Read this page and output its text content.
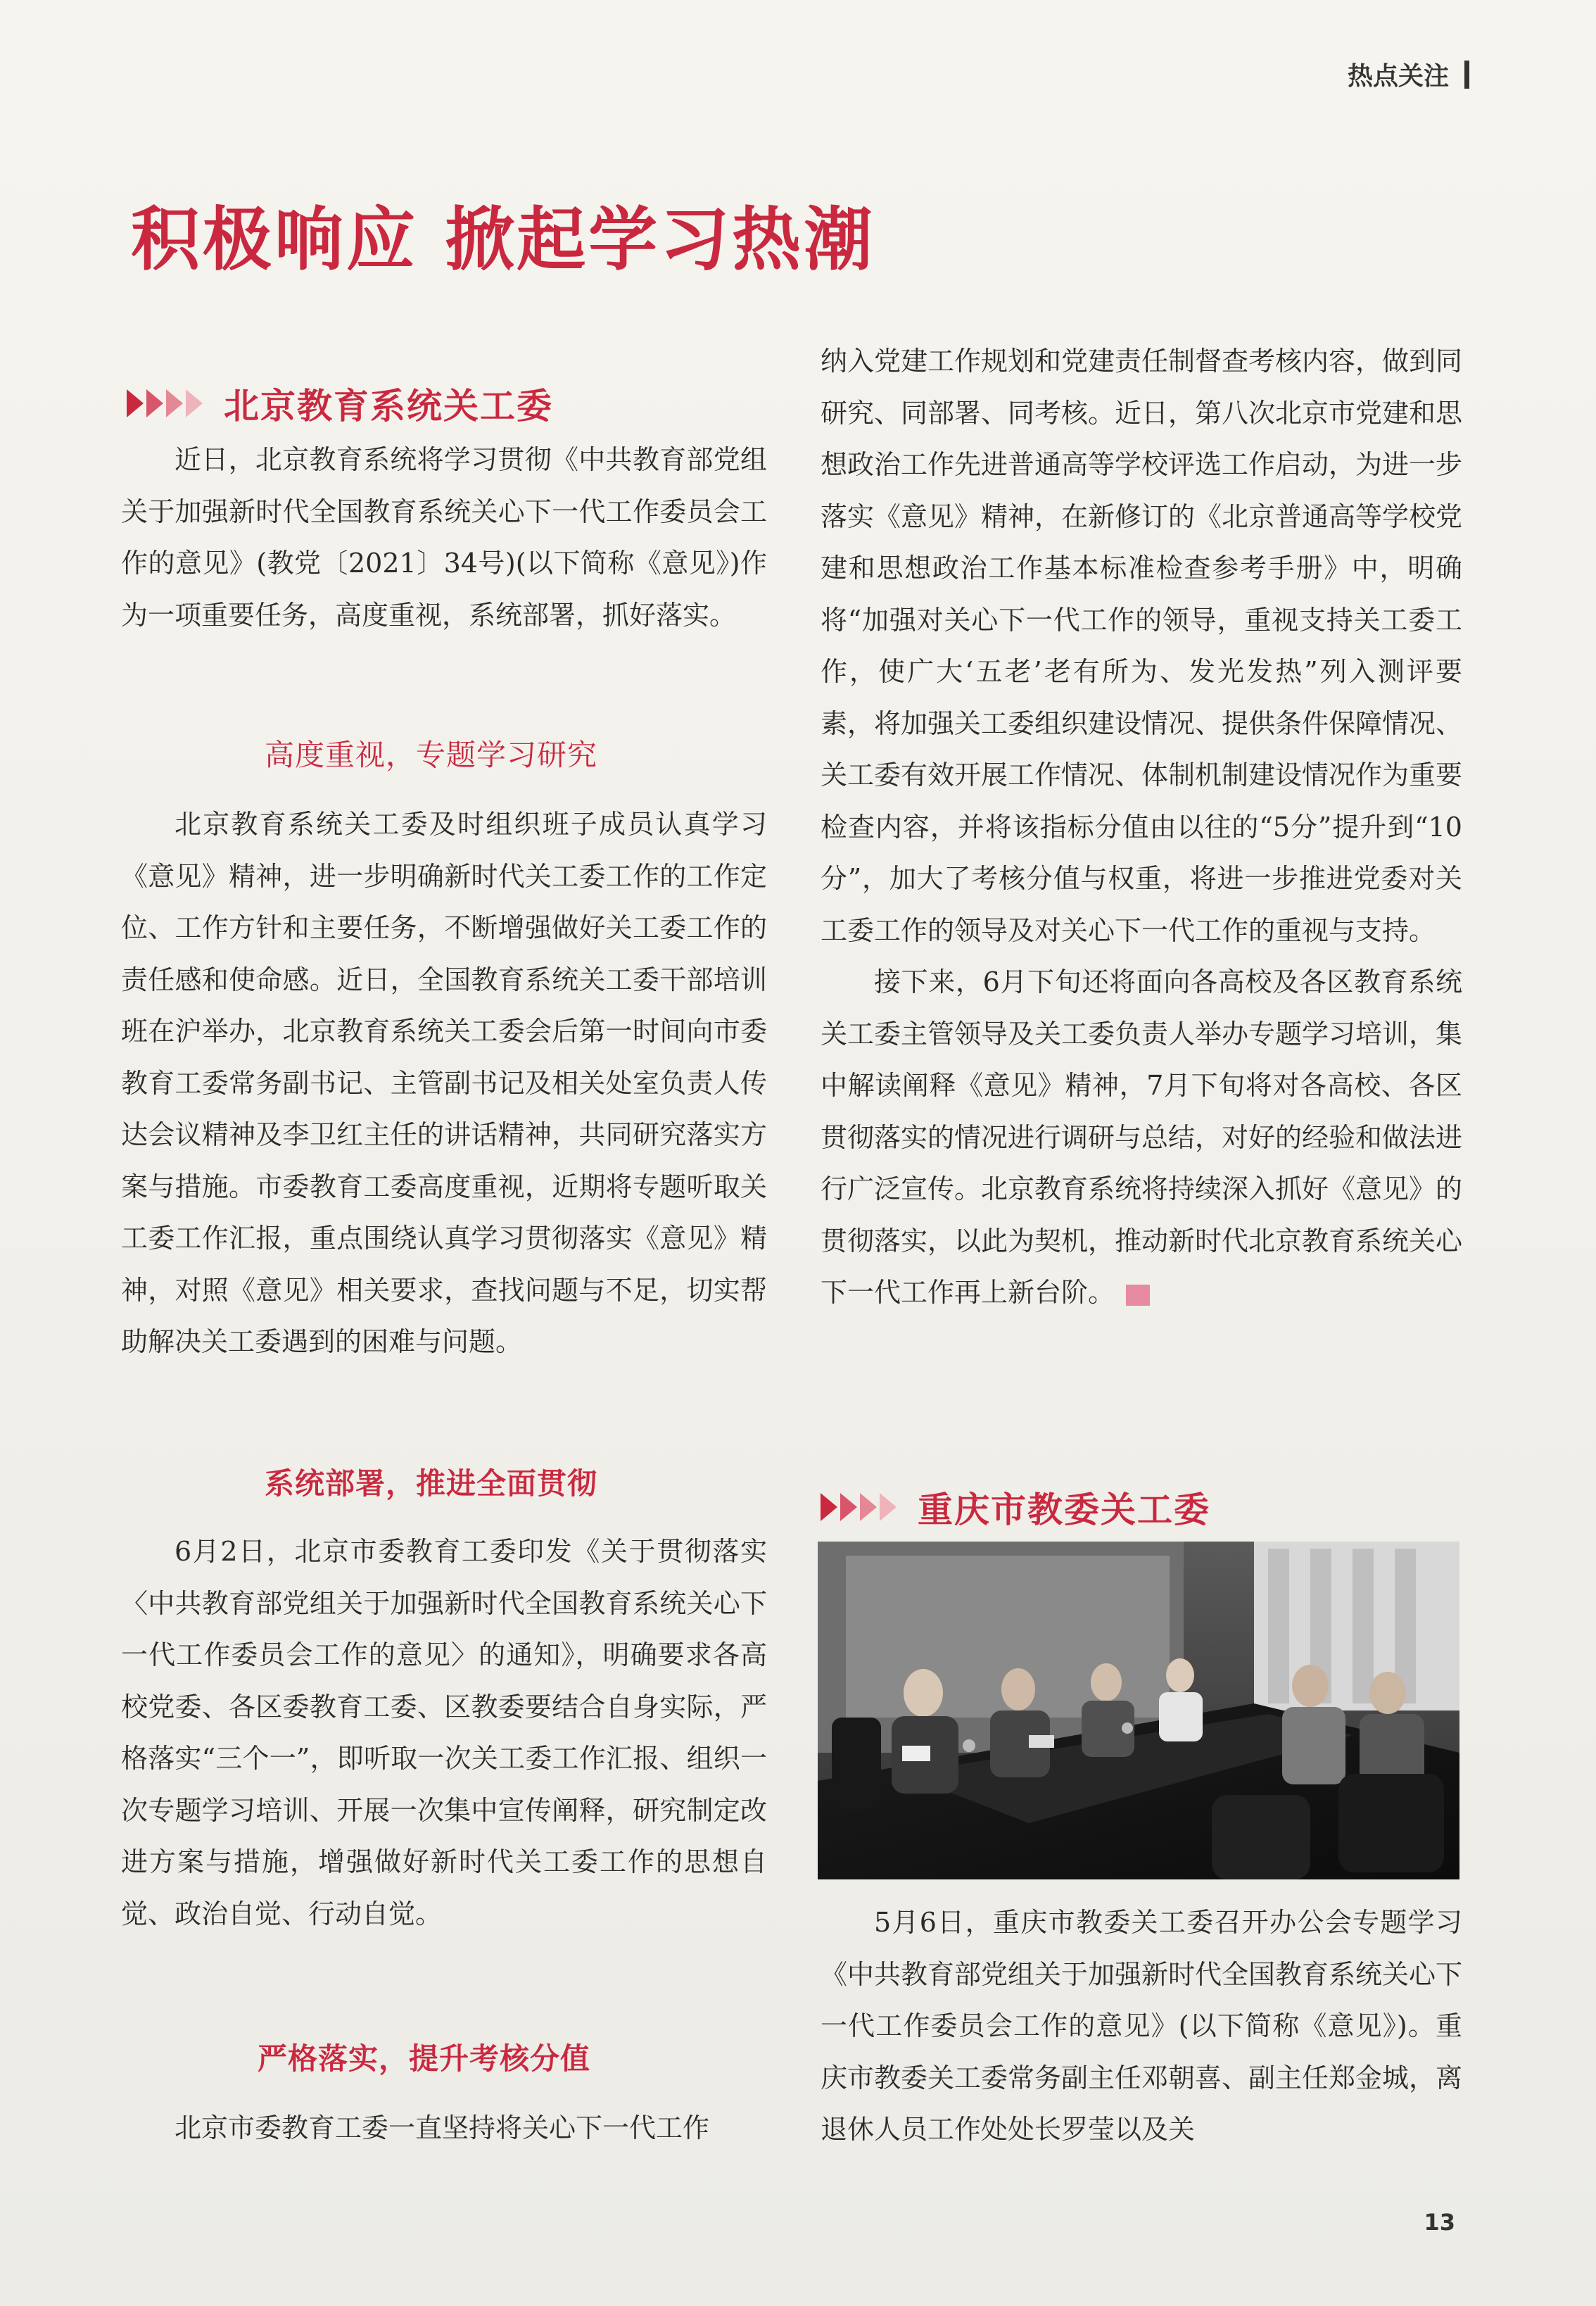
热点关注
积极响应 掀起学习热潮
北京教育系统关工委

近日，北京教育系统将学习贯彻《中共教育部党组关于加强新时代全国教育系统关心下一代工作委员会工作的意见》(教党〔2021〕34号)(以下简称《意见》)作为一项重要任务，高度重视，系统部署，抓好落实。

高度重视，专题学习研究

北京教育系统关工委及时组织班子成员认真学习《意见》精神，进一步明确新时代关工委工作的工作定位、工作方针和主要任务，不断增强做好关工委工作的责任感和使命感。近日，全国教育系统关工委干部培训班在沪举办，北京教育系统关工委会后第一时间向市委教育工委常务副书记、主管副书记及相关处室负责人传达会议精神及李卫红主任的讲话精神，共同研究落实方案与措施。市委教育工委高度重视，近期将专题听取关工委工作汇报，重点围绕认真学习贯彻落实《意见》精神，对照《意见》相关要求，查找问题与不足，切实帮助解决关工委遇到的困难与问题。

系统部署，推进全面贯彻

6月2日，北京市委教育工委印发《关于贯彻落实〈中共教育部党组关于加强新时代全国教育系统关心下一代工作委员会工作的意见〉的通知》，明确要求各高校党委、各区委教育工委、区教委要结合自身实际，严格落实“三个一”，即听取一次关工委工作汇报、组织一次专题学习培训、开展一次集中宣传阐释，研究制定改进方案与措施，增强做好新时代关工委工作的思想自觉、政治自觉、行动自觉。

严格落实，提升考核分值

北京市委教育工委一直坚持将关心下一代工作

纳入党建工作规划和党建责任制督查考核内容，做到同研究、同部署、同考核。近日，第八次北京市党建和思想政治工作先进普通高等学校评选工作启动，为进一步落实《意见》精神，在新修订的《北京普通高等学校党建和思想政治工作基本标准检查参考手册》中，明确将“加强对关心下一代工作的领导，重视支持关工委工作，使广大‘五老’老有所为、发光发热”列入测评要素，将加强关工委组织建设情况、提供条件保障情况、关工委有效开展工作情况、体制机制建设情况作为重要检查内容，并将该指标分值由以往的“5分”提升到“10分”，加大了考核分值与权重，将进一步推进党委对关工委工作的领导及对关心下一代工作的重视与支持。

接下来，6月下旬还将面向各高校及各区教育系统关工委主管领导及关工委负责人举办专题学习培训，集中解读阐释《意见》精神，7月下旬将对各高校、各区贯彻落实的情况进行调研与总结，对好的经验和做法进行广泛宣传。北京教育系统将持续深入抓好《意见》的贯彻落实，以此为契机，推动新时代北京教育系统关心下一代工作再上新台阶。

重庆市教委关工委

5月6日，重庆市教委关工委召开办公会专题学习《中共教育部党组关于加强新时代全国教育系统关心下一代工作委员会工作的意见》(以下简称《意见》)。重庆市教委关工委常务副主任邓朝喜、副主任郑金城，离退休人员工作处处长罗莹以及关

13
